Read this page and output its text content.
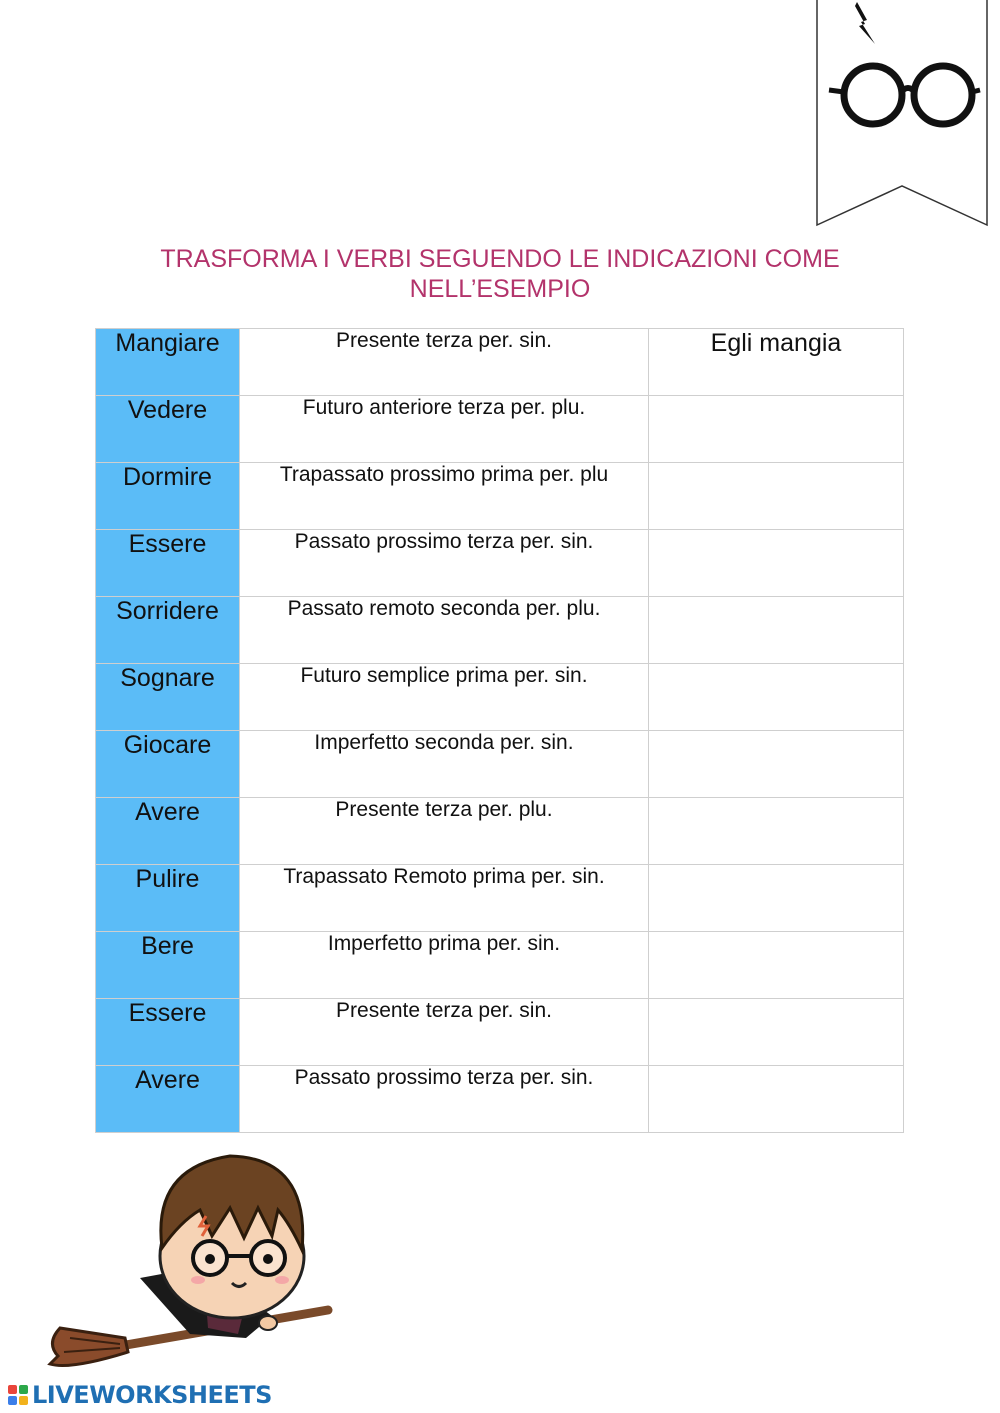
TRASFORMA I VERBI SEGUENDO LE INDICAZIONI COME
NELL’ESEMPIO
Mangiare	Presente terza per. sin.	Egli mangia
Vedere	Futuro anteriore terza per. plu.	
Dormire	Trapassato prossimo prima per. plu	
Essere	Passato prossimo terza per. sin.	
Sorridere	Passato remoto seconda per. plu.	
Sognare	Futuro semplice prima per. sin.	
Giocare	Imperfetto seconda per. sin.	
Avere	Presente terza per. plu.	
Pulire	Trapassato Remoto prima per. sin.	
Bere	Imperfetto prima per. sin.	
Essere	Presente terza per. sin.	
Avere	Passato prossimo terza per. sin.	
LIVEWORKSHEETS
